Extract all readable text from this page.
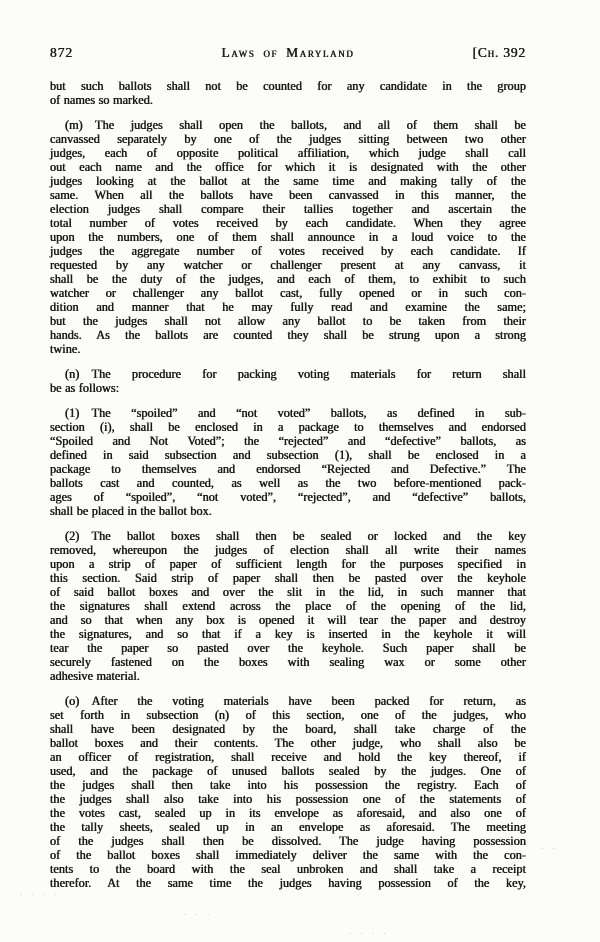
872	Laws of Maryland	[Ch. 392
but such ballots shall not be counted for any candidate in the group
of names so marked.
(m) The judges shall open the ballots, and all of them shall be
canvassed separately by one of the judges sitting between two other
judges, each of opposite political affiliation, which judge shall call
out each name and the office for which it is designated with the other
judges looking at the ballot at the same time and making tally of the
same. When all the ballots have been canvassed in this manner, the
election judges shall compare their tallies together and ascertain the
total number of votes received by each candidate. When they agree
upon the numbers, one of them shall announce in a loud voice to the
judges the aggregate number of votes received by each candidate. If
requested by any watcher or challenger present at any canvass, it
shall be the duty of the judges, and each of them, to exhibit to such
watcher or challenger any ballot cast, fully opened or in such con-
dition and manner that he may fully read and examine the same;
but the judges shall not allow any ballot to be taken from their
hands. As the ballots are counted they shall be strung upon a strong
twine.
(n) The procedure for packing voting materials for return shall
be as follows:
(1) The “spoiled” and “not voted” ballots, as defined in sub-
section (i), shall be enclosed in a package to themselves and endorsed
“Spoiled and Not Voted”; the “rejected” and “defective” ballots, as
defined in said subsection and subsection (1), shall be enclosed in a
package to themselves and endorsed “Rejected and Defective.” The
ballots cast and counted, as well as the two before-mentioned pack-
ages of “spoiled”, “not voted”, “rejected”, and “defective” ballots,
shall be placed in the ballot box.
(2) The ballot boxes shall then be sealed or locked and the key
removed, whereupon the judges of election shall all write their names
upon a strip of paper of sufficient length for the purposes specified in
this section. Said strip of paper shall then be pasted over the keyhole
of said ballot boxes and over the slit in the lid, in such manner that
the signatures shall extend across the place of the opening of the lid,
and so that when any box is opened it will tear the paper and destroy
the signatures, and so that if a key is inserted in the keyhole it will
tear the paper so pasted over the keyhole. Such paper shall be
securely fastened on the boxes with sealing wax or some other
adhesive material.
(o) After the voting materials have been packed for return, as
set forth in subsection (n) of this section, one of the judges, who
shall have been designated by the board, shall take charge of the
ballot boxes and their contents. The other judge, who shall also be
an officer of registration, shall receive and hold the key thereof, if
used, and the package of unused ballots sealed by the judges. One of
the judges shall then take into his possession the registry. Each of
the judges shall also take into his possession one of the statements of
the votes cast, sealed up in its envelope as aforesaid, and also one of
the tally sheets, sealed up in an envelope as aforesaid. The meeting
of the judges shall then be dissolved. The judge having possession
of the ballot boxes shall immediately deliver the same with the con-
tents to the board with the seal unbroken and shall take a receipt
therefor. At the same time the judges having possession of the key,
. . . .
. . .
. . . .
. .
